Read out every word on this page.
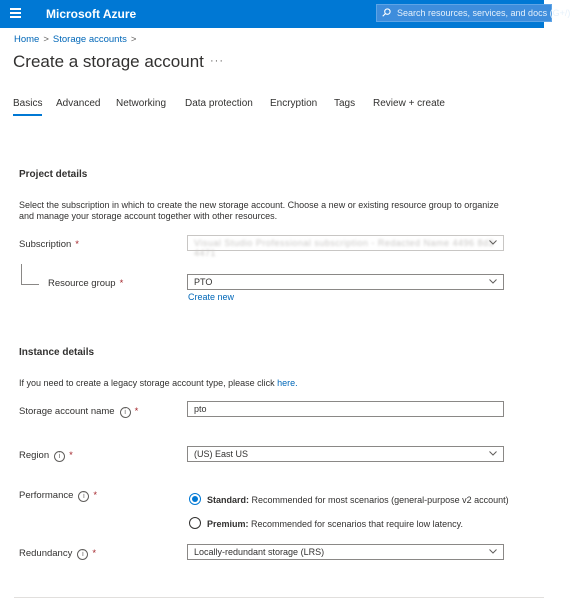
Microsoft Azure	Search resources, services, and docs (G+/)
Home > Storage accounts >
Create a storage account ···
Basics Advanced Networking Data protection Encryption Tags Review + create
Project details
Select the subscription in which to create the new storage account. Choose a new or existing resource group to organize and manage your storage account together with other resources.
Subscription *	Visual Studio Professional subscription - Redacted Name 4496 8d3 4471
Resource group *	PTO
Create new
Instance details
If you need to create a legacy storage account type, please click here.
Storage account name i *	pto
Region i *	(US) East US
Performance i *	Standard: Recommended for most scenarios (general-purpose v2 account)
Premium: Recommended for scenarios that require low latency.
Redundancy i *	Locally-redundant storage (LRS)
